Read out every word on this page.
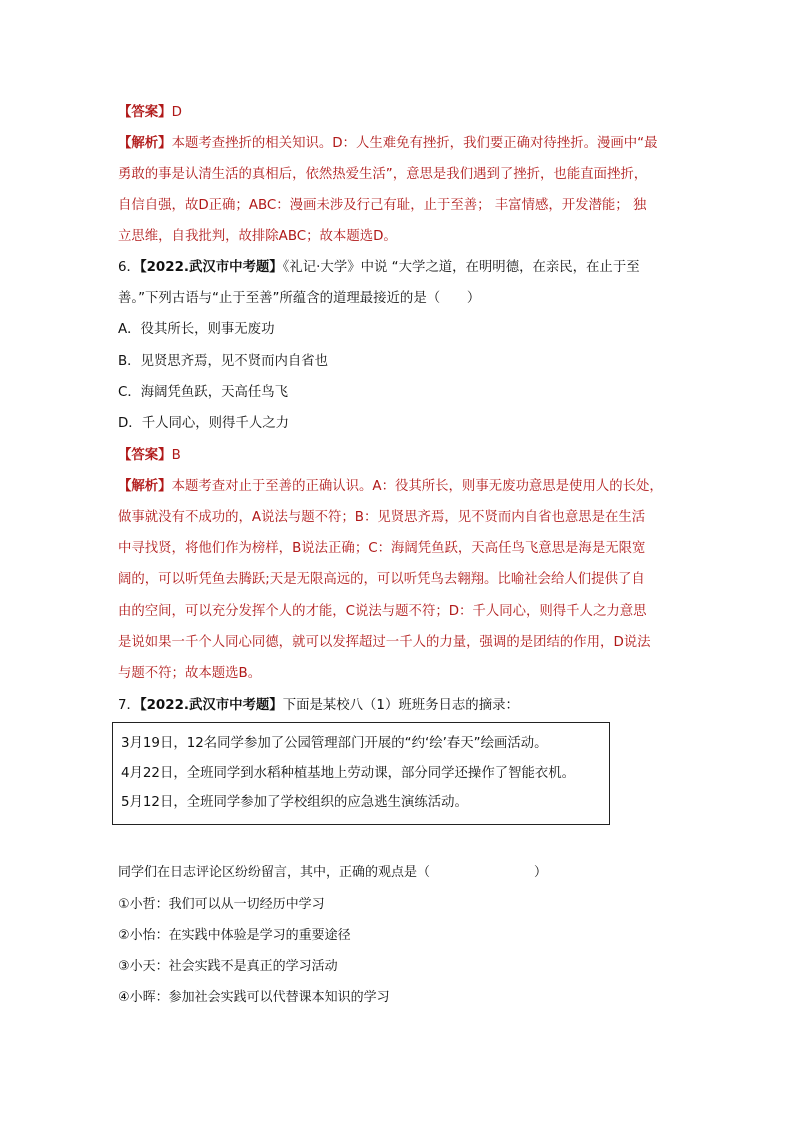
【答案】D
【解析】本题考查挫折的相关知识。D：人生难免有挫折，我们要正确对待挫折。漫画中“最
勇敢的事是认清生活的真相后，依然热爱生活”，意思是我们遇到了挫折，也能直面挫折，
自信自强，故D正确；ABC：漫画未涉及行己有耻，止于至善； 丰富情感，开发潜能； 独
立思维，自我批判，故排除ABC；故本题选D。
6．【2022.武汉市中考题】《礼记·大学》中说 “大学之道，在明明德，在亲民，在止于至
善。”下列古语与“止于至善”所蕴含的道理最接近的是（　　）
A．役其所长，则事无废功
B．见贤思齐焉，见不贤而内自省也
C．海阔凭鱼跃，天高任鸟飞
D．千人同心，则得千人之力
【答案】B
【解析】本题考查对止于至善的正确认识。A：役其所长，则事无废功意思是使用人的长处，
做事就没有不成功的，A说法与题不符；B：见贤思齐焉，见不贤而内自省也意思是在生活
中寻找贤，将他们作为榜样，B说法正确；C：海阔凭鱼跃，天高任鸟飞意思是海是无限宽
阔的，可以听凭鱼去腾跃;天是无限高远的，可以听凭鸟去翱翔。比喻社会给人们提供了自
由的空间，可以充分发挥个人的才能，C说法与题不符；D：千人同心，则得千人之力意思
是说如果一千个人同心同德，就可以发挥超过一千人的力量，强调的是团结的作用，D说法
与题不符；故本题选B。
7．【2022.武汉市中考题】下面是某校八（1）班班务日志的摘录：
3月19日，12名同学参加了公园管理部门开展的“约‘绘’春天”绘画活动。
4月22日，全班同学到水稻种植基地上劳动课，部分同学还操作了智能衣机。
5月12日，全班同学参加了学校组织的应急逃生演练活动。
同学们在日志评论区纷纷留言，其中，正确的观点是（　　　　　　　　）
①小哲：我们可以从一切经历中学习
②小怡：在实践中体验是学习的重要途径
③小天：社会实践不是真正的学习活动
④小晖：参加社会实践可以代替课本知识的学习
